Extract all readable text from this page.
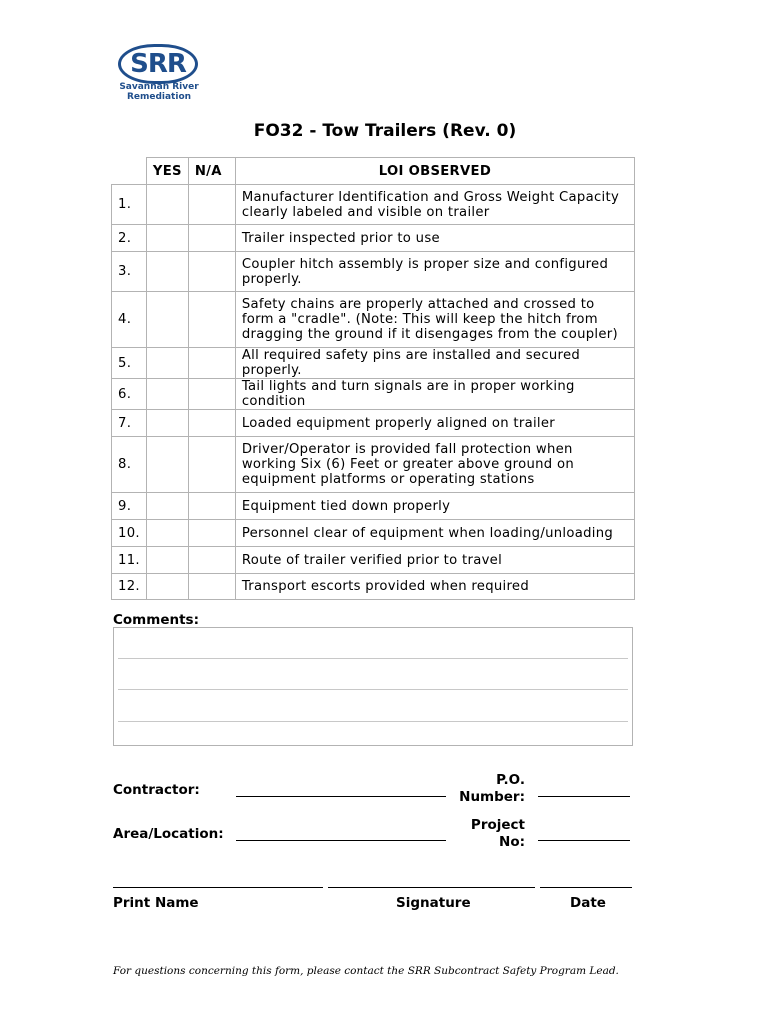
SRR
Savannah River
Remediation
FO32 - Tow Trailers (Rev. 0)
	YES	N/A	LOI OBSERVED
1.			Manufacturer Identification and Gross Weight Capacity clearly labeled and visible on trailer
2.			Trailer inspected prior to use
3.			Coupler hitch assembly is proper size and configured properly.
4.			Safety chains are properly attached and crossed to form a "cradle". (Note: This will keep the hitch from dragging the ground if it disengages from the coupler)
5.			All required safety pins are installed and secured properly.
6.			Tail lights and turn signals are in proper working condition
7.			Loaded equipment properly aligned on trailer
8.			Driver/Operator is provided fall protection when working Six (6) Feet or greater above ground on equipment platforms or operating stations
9.			Equipment tied down properly
10.			Personnel clear of equipment when loading/unloading
11.			Route of trailer verified prior to travel
12.			Transport escorts provided when required
Comments:
Contractor:
P.O.
Number:
Area/Location:
Project
No:
Print Name	Signature	Date
For questions concerning this form, please contact the SRR Subcontract Safety Program Lead.
